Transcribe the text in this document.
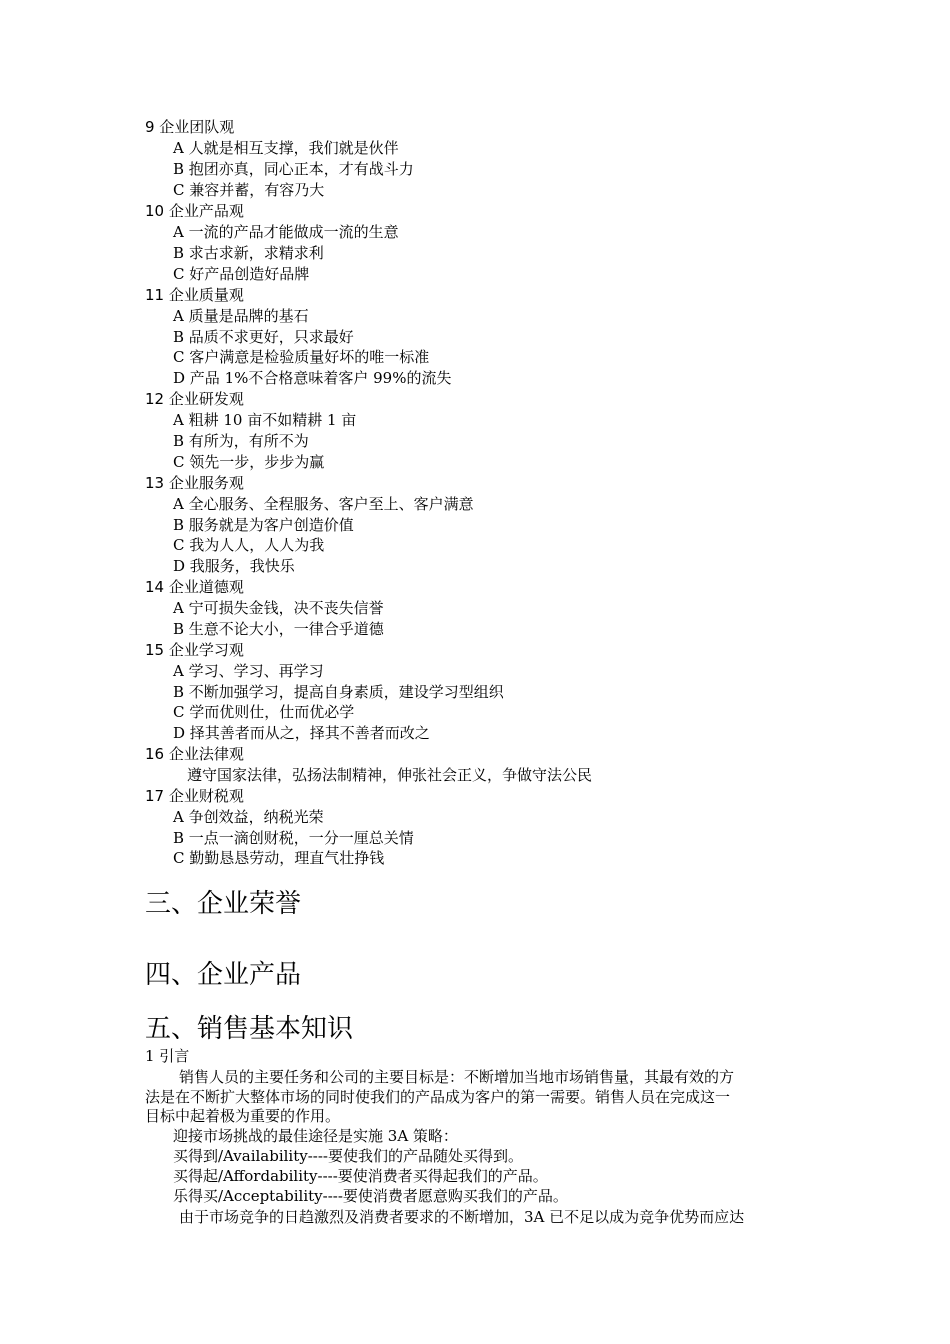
9 企业团队观
A 人就是相互支撑，我们就是伙伴
B 抱团亦真，同心正本，才有战斗力
C 兼容并蓄，有容乃大
10 企业产品观
A 一流的产品才能做成一流的生意
B 求古求新，求精求利
C 好产品创造好品牌
11 企业质量观
A 质量是品牌的基石
B 品质不求更好，只求最好
C 客户满意是检验质量好坏的唯一标准
D 产品 1%不合格意味着客户 99%的流失
12 企业研发观
A 粗耕 10 亩不如精耕 1 亩
B 有所为，有所不为
C 领先一步，步步为赢
13 企业服务观
A 全心服务、全程服务、客户至上、客户满意
B 服务就是为客户创造价值
C 我为人人，人人为我
D 我服务，我快乐
14 企业道德观
A 宁可损失金钱，决不丧失信誉
B 生意不论大小，一律合乎道德
15 企业学习观
A 学习、学习、再学习
B 不断加强学习，提高自身素质，建设学习型组织
C 学而优则仕，仕而优必学
D 择其善者而从之，择其不善者而改之
16 企业法律观
遵守国家法律，弘扬法制精神，伸张社会正义，争做守法公民
17 企业财税观
A 争创效益，纳税光荣
B 一点一滴创财税，一分一厘总关情
C 勤勤恳恳劳动，理直气壮挣钱
三、企业荣誉
四、企业产品
五、销售基本知识
1 引言
销售人员的主要任务和公司的主要目标是：不断增加当地市场销售量，其最有效的方
法是在不断扩大整体市场的同时使我们的产品成为客户的第一需要。销售人员在完成这一
目标中起着极为重要的作用。
迎接市场挑战的最佳途径是实施 3A 策略：
买得到/Availability----要使我们的产品随处买得到。
买得起/Affordability----要使消费者买得起我们的产品。
乐得买/Acceptability----要使消费者愿意购买我们的产品。
由于市场竞争的日趋激烈及消费者要求的不断增加，3A 已不足以成为竞争优势而应达
